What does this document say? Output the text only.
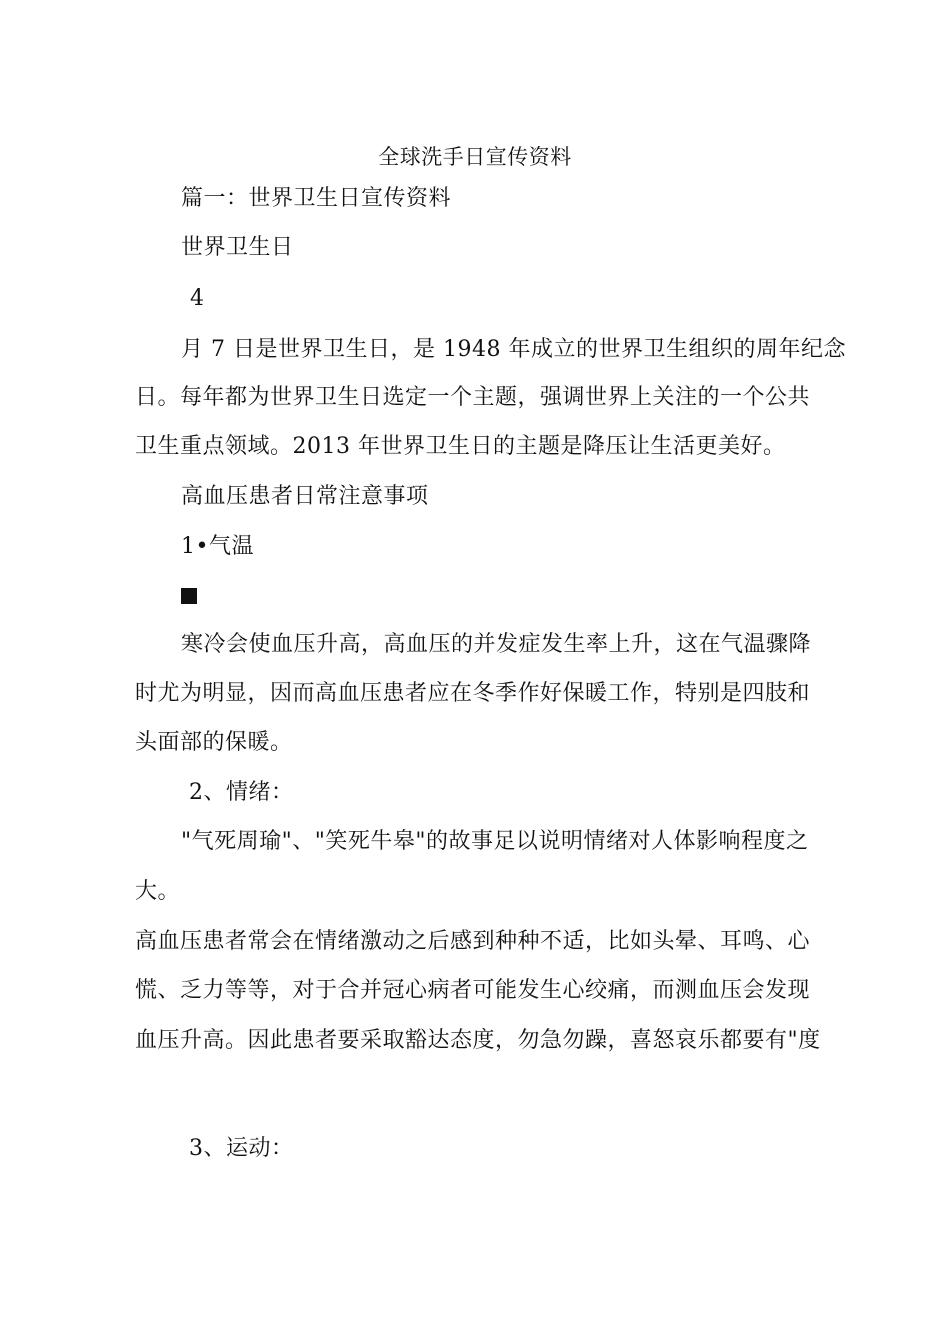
全球洗手日宣传资料
篇一：世界卫生日宣传资料
世界卫生日
4
月 7 日是世界卫生日，是 1948 年成立的世界卫生组织的周年纪念
日。每年都为世界卫生日选定一个主题，强调世界上关注的一个公共
卫生重点领域。2013 年世界卫生日的主题是降压让生活更美好。
高血压患者日常注意事项
1•气温
寒冷会使血压升高，高血压的并发症发生率上升，这在气温骤降
时尤为明显，因而高血压患者应在冬季作好保暖工作，特别是四肢和
头面部的保暖。
2、情绪：
"气死周瑜"、"笑死牛皋"的故事足以说明情绪对人体影响程度之
大。
高血压患者常会在情绪激动之后感到种种不适，比如头晕、耳鸣、心
慌、乏力等等，对于合并冠心病者可能发生心绞痛，而测血压会发现
血压升高。因此患者要采取豁达态度，勿急勿躁，喜怒哀乐都要有"度
3、运动：
